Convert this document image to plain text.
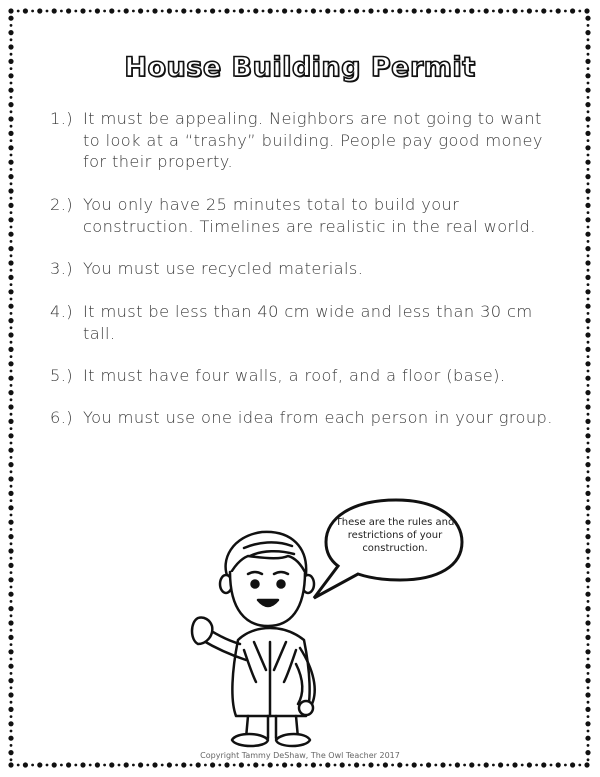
House Building Permit
1.) It must be appealing. Neighbors are not going to want to look at a “trashy” building. People pay good money for their property.
2.) You only have 25 minutes total to build your construction. Timelines are realistic in the real world.
3.) You must use recycled materials.
4.) It must be less than 40 cm wide and less than 30 cm tall.
5.) It must have four walls, a roof, and a floor (base).
6.) You must use one idea from each person in your group.
These are the rules and restrictions of your construction.
Copyright Tammy DeShaw, The Owl Teacher 2017
